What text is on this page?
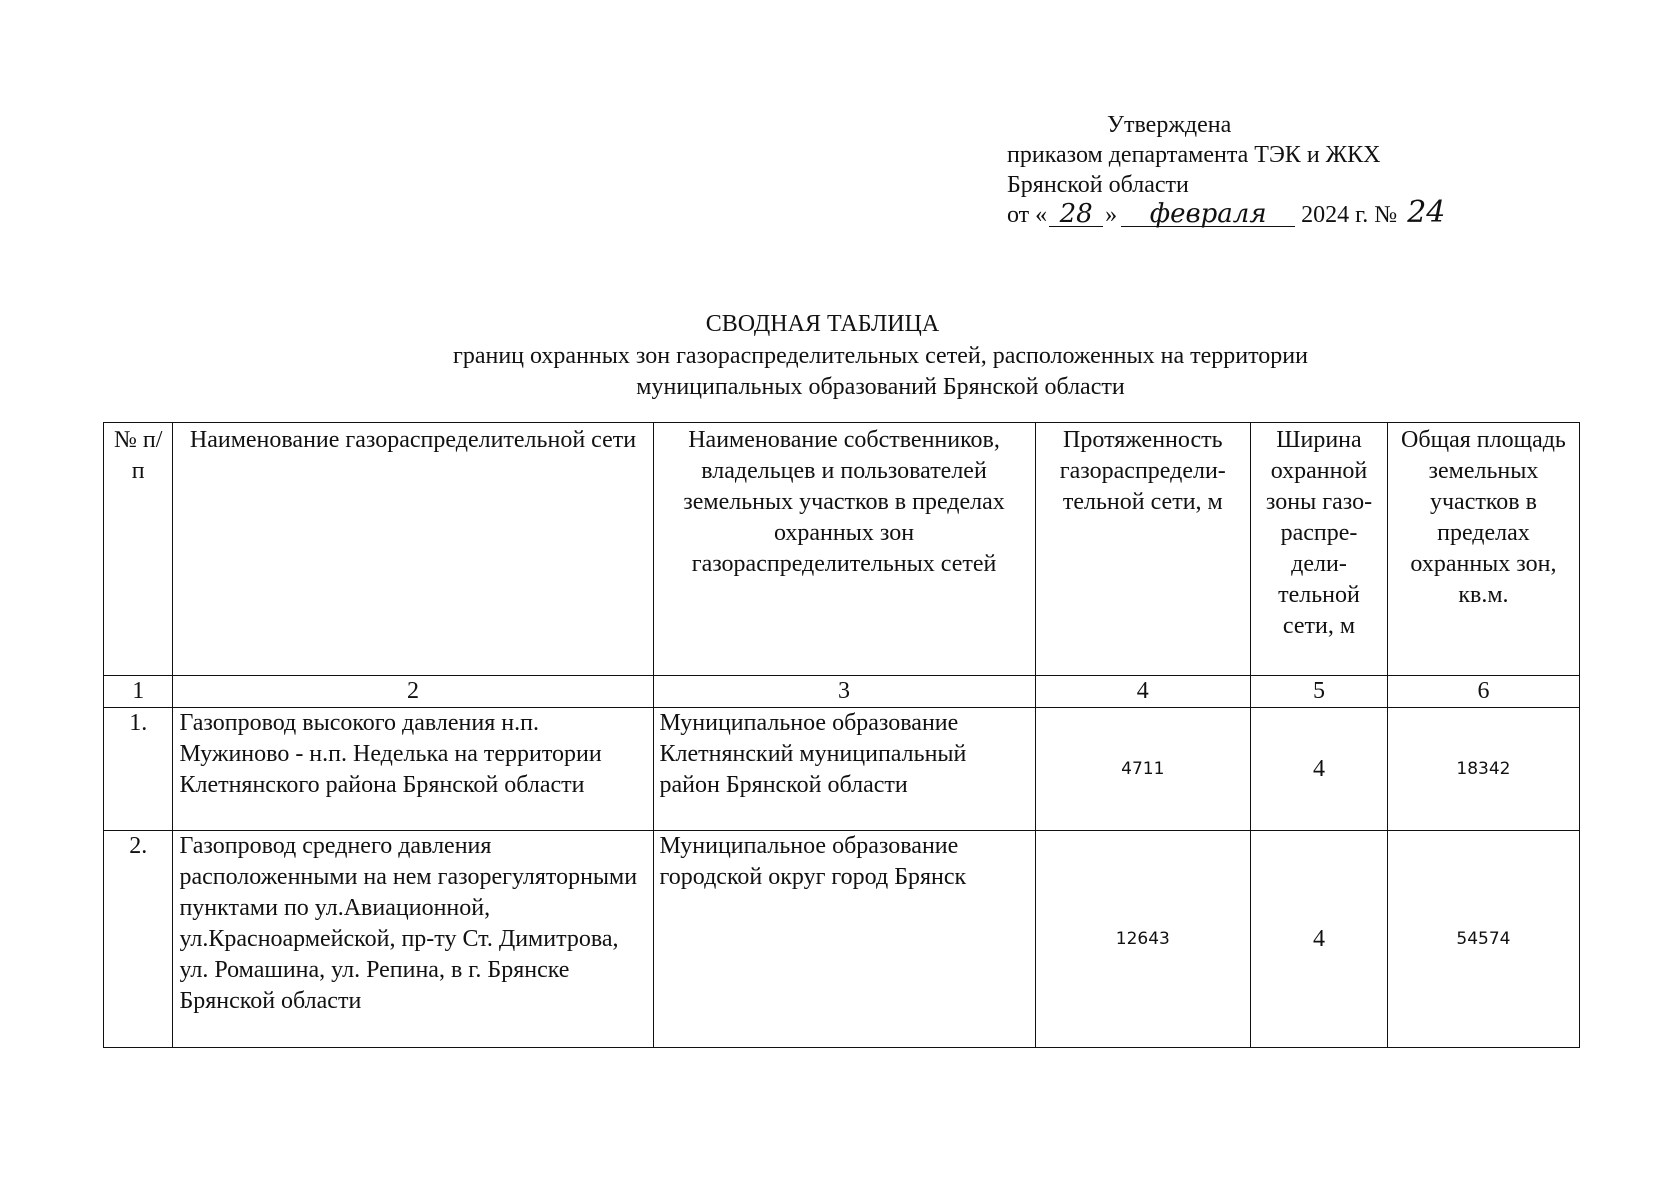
Утверждена
приказом департамента ТЭК и ЖКХ
Брянской области
от « 28 » февраля 2024 г. № 24
СВОДНАЯ ТАБЛИЦА
границ охранных зон газораспределительных сетей, расположенных на территории
муниципальных образований Брянской области
№ п/п	Наименование газораспределительной сети	Наименование собственников, владельцев и пользователей земельных участков в пределах охранных зон газораспределительных сетей	Протяженность газораспредели-тельной сети, м	Ширина охранной зоны газо-распре-дели-тельной сети, м	Общая площадь земельных участков в пределах охранных зон, кв.м.
1	2	3	4	5	6
1.	Газопровод высокого давления н.п. Мужиново - н.п. Неделька на территории Клетнянского района Брянской области	Муниципальное образование Клетнянский муниципальный район Брянской области	4711	4	18342
2.	Газопровод среднего давления расположенными на нем газорегуляторными пунктами по ул.Авиационной, ул.Красноармейской, пр-ту Ст. Димитрова, ул. Ромашина, ул. Репина, в г. Брянске Брянской области	Муниципальное образование городской округ город Брянск	12643	4	54574
